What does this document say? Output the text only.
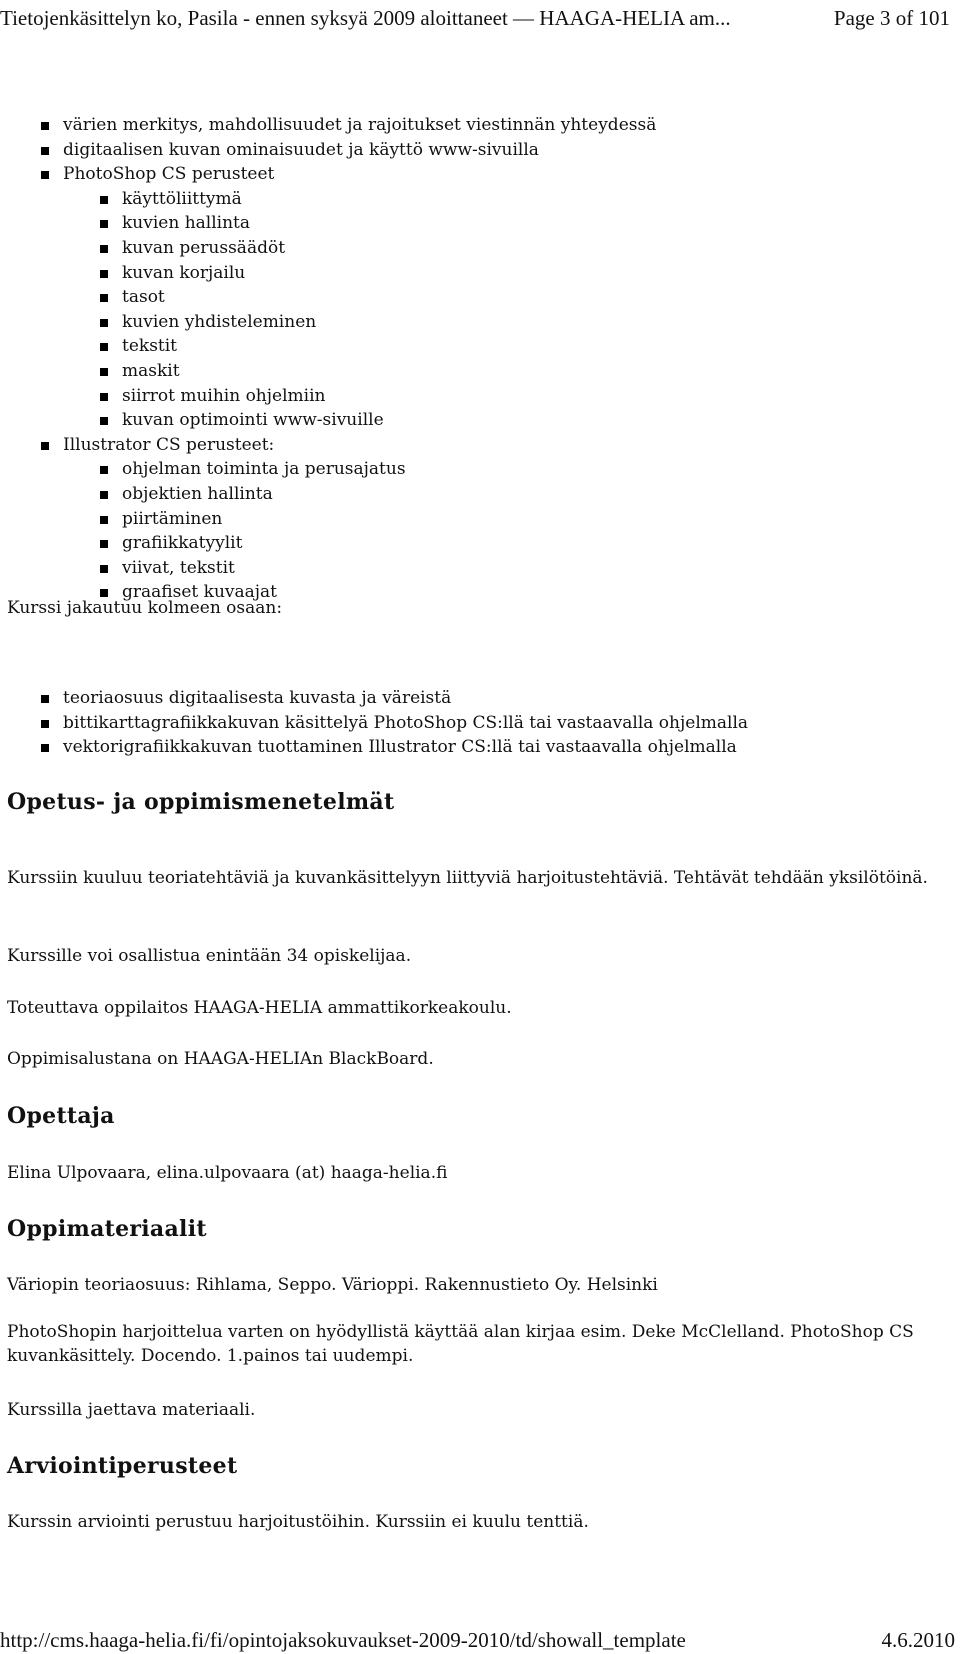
Tietojenkäsittelyn ko, Pasila - ennen syksyä 2009 aloittaneet — HAAGA-HELIA am...	Page 3 of 101
värien merkitys, mahdollisuudet ja rajoitukset viestinnän yhteydessä
digitaalisen kuvan ominaisuudet ja käyttö www-sivuilla
PhotoShop CS perusteet
käyttöliittymä
kuvien hallinta
kuvan perussäädöt
kuvan korjailu
tasot
kuvien yhdisteleminen
tekstit
maskit
siirrot muihin ohjelmiin
kuvan optimointi www-sivuille
Illustrator CS perusteet:
ohjelman toiminta ja perusajatus
objektien hallinta
piirtäminen
grafiikkatyylit
viivat, tekstit
graafiset kuvaajat

Kurssi jakautuu kolmeen osaan:

teoriaosuus digitaalisesta kuvasta ja väreistä
bittikarttagrafiikkakuvan käsittelyä PhotoShop CS:llä tai vastaavalla ohjelmalla
vektorigrafiikkakuvan tuottaminen Illustrator CS:llä tai vastaavalla ohjelmalla
Opetus- ja oppimismenetelmät

Kurssiin kuuluu teoriatehtäviä ja kuvankäsittelyyn liittyviä harjoitustehtäviä. Tehtävät tehdään yksilötöinä.

Kurssille voi osallistua enintään 34 opiskelijaa.

Toteuttava oppilaitos HAAGA-HELIA ammattikorkeakoulu.

Oppimisalustana on HAAGA-HELIAn BlackBoard.

Opettaja

Elina Ulpovaara, elina.ulpovaara (at) haaga-helia.fi

Oppimateriaalit

Väriopin teoriaosuus: Rihlama, Seppo. Värioppi. Rakennustieto Oy. Helsinki

PhotoShopin harjoittelua varten on hyödyllistä käyttää alan kirjaa esim. Deke McClelland. PhotoShop CS kuvankäsittely. Docendo. 1.painos tai uudempi.

Kurssilla jaettava materiaali.

Arviointiperusteet

Kurssin arviointi perustuu harjoitustöihin. Kurssiin ei kuulu tenttiä.

http://cms.haaga-helia.fi/fi/opintojaksokuvaukset-2009-2010/td/showall_template	4.6.2010
